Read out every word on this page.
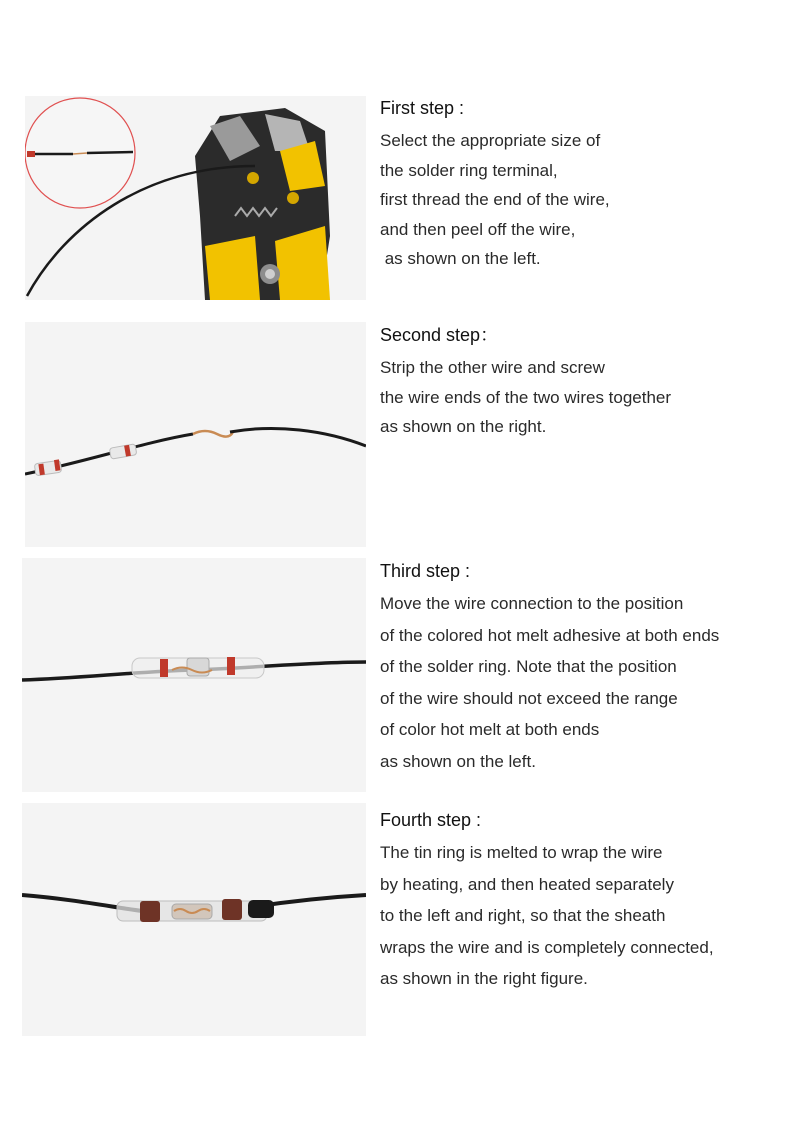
First step :
Select the appropriate size of
the solder ring terminal,
first thread the end of the wire,
and then peel off the wire,
as shown on the left.
Second step：
Strip the other wire and screw
the wire ends of the two wires together
as shown on the right.
Third step :
Move the wire connection to the position
of the colored hot melt adhesive at both ends
of the solder ring. Note that the position
of the wire should not exceed the range
of color hot melt at both ends
as shown on the left.
Fourth step :
The tin ring is melted to wrap the wire
by heating, and then heated separately
to the left and right, so that the sheath
wraps the wire and is completely connected,
as shown in the right figure.
